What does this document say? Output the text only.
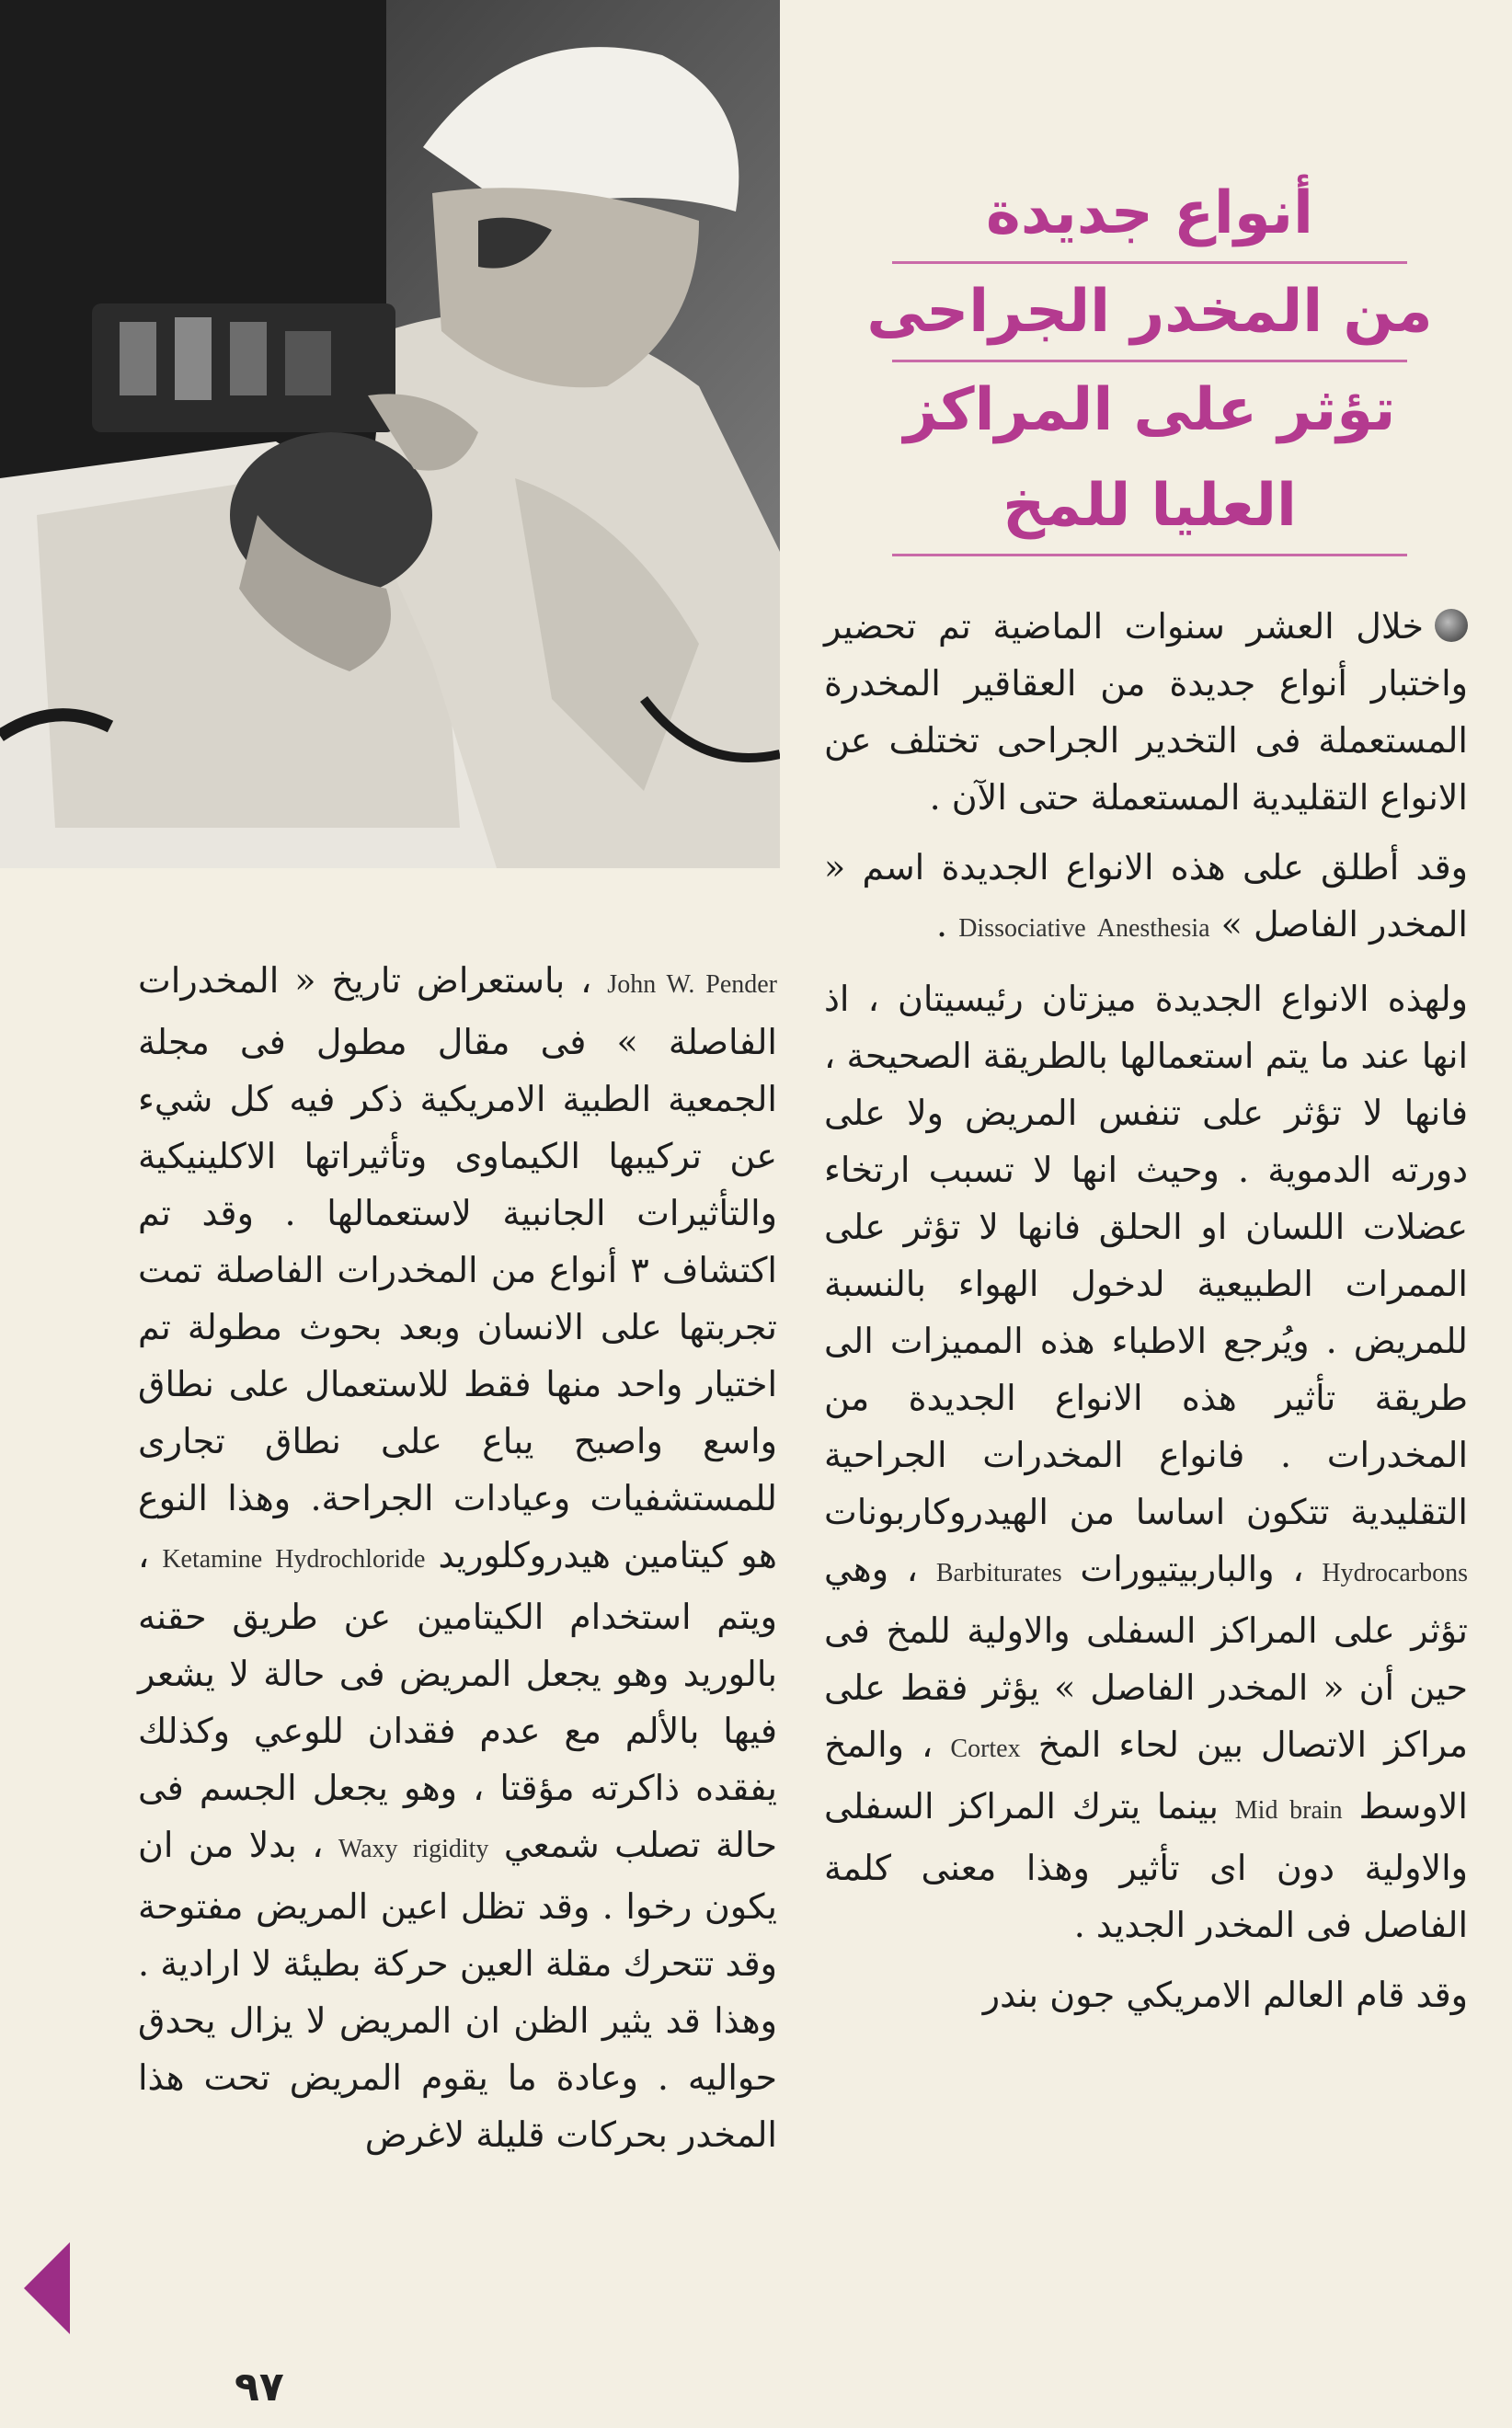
أنواع جديدة

من المخدر الجراحى

تؤثر على المراكز العليا للمخ

خلال العشر سنوات الماضية تم تحضير واختبار أنواع جديدة من العقاقير المخدرة المستعملة فى التخدير الجراحى تختلف عن الانواع التقليدية المستعملة حتى الآن .

وقد أطلق على هذه الانواع الجديدة اسم « المخدر الفاصل » Dissociative Anesthesia .

ولهذه الانواع الجديدة ميزتان رئيسيتان ، اذ انها عند ما يتم استعمالها بالطريقة الصحيحة ، فانها لا تؤثر على تنفس المريض ولا على دورته الدموية . وحيث انها لا تسبب ارتخاء عضلات اللسان او الحلق فانها لا تؤثر على الممرات الطبيعية لدخول الهواء بالنسبة للمريض . ويُرجع الاطباء هذه المميزات الى طريقة تأثير هذه الانواع الجديدة من المخدرات . فانواع المخدرات الجراحية التقليدية تتكون اساسا من الهيدروكاربونات Hydrocarbons ، والباربيتيورات Barbiturates ، وهي تؤثر على المراكز السفلى والاولية للمخ فى حين أن « المخدر الفاصل » يؤثر فقط على مراكز الاتصال بين لحاء المخ Cortex ، والمخ الاوسط Mid brain بينما يترك المراكز السفلى والاولية دون اى تأثير وهذا معنى كلمة الفاصل فى المخدر الجديد .

وقد قام العالم الامريكي جون بندر

John W. Pender ، باستعراض تاريخ « المخدرات الفاصلة » فى مقال مطول فى مجلة الجمعية الطبية الامريكية ذكر فيه كل شيء عن تركيبها الكيماوى وتأثيراتها الاكلينيكية والتأثيرات الجانبية لاستعمالها . وقد تم اكتشاف ٣ أنواع من المخدرات الفاصلة تمت تجربتها على الانسان وبعد بحوث مطولة تم اختيار واحد منها فقط للاستعمال على نطاق واسع واصبح يباع على نطاق تجارى للمستشفيات وعيادات الجراحة. وهذا النوع هو كيتامين هيدروكلوريد Ketamine Hydrochloride ، ويتم استخدام الكيتامين عن طريق حقنه بالوريد وهو يجعل المريض فى حالة لا يشعر فيها بالألم مع عدم فقدان للوعي وكذلك يفقده ذاكرته مؤقتا ، وهو يجعل الجسم فى حالة تصلب شمعي Waxy rigidity ، بدلا من ان يكون رخوا . وقد تظل اعين المريض مفتوحة وقد تتحرك مقلة العين حركة بطيئة لا ارادية . وهذا قد يثير الظن ان المريض لا يزال يحدق حواليه . وعادة ما يقوم المريض تحت هذا المخدر بحركات قليلة لاغرض

٩٧
